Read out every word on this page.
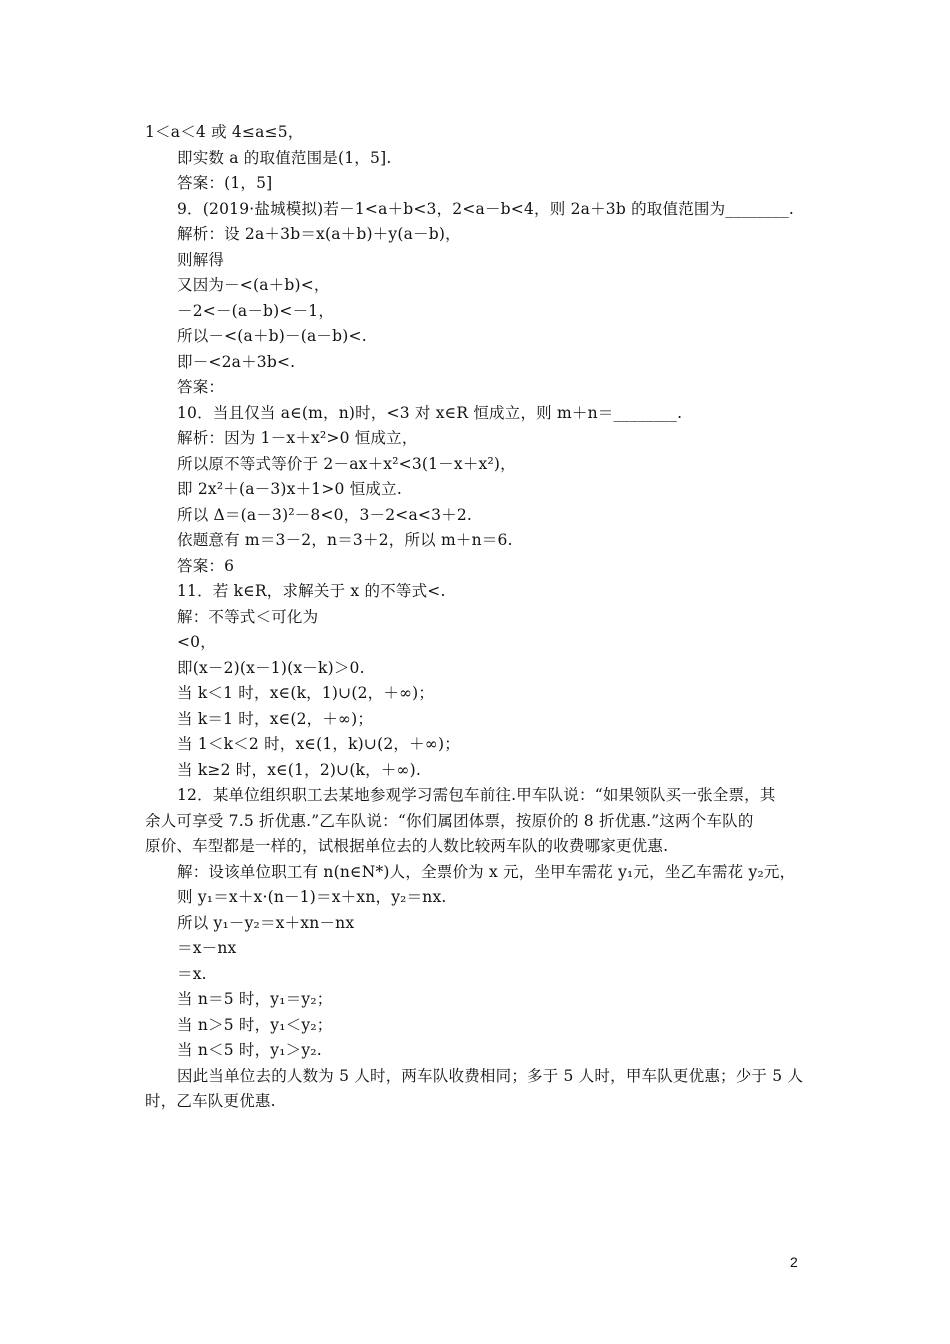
1＜a＜4 或 4≤a≤5，
即实数 a 的取值范围是(1，5].
答案：(1，5]
9．(2019·盐城模拟)若－1<a＋b<3，2<a－b<4，则 2a＋3b 的取值范围为________.
解析：设 2a＋3b＝x(a＋b)＋y(a－b)，
则解得
又因为－<(a＋b)<，
－2<－(a－b)<－1，
所以－<(a＋b)－(a－b)<.
即－<2a＋3b<.
答案：
10．当且仅当 a∈(m，n)时，<3 对 x∈R 恒成立，则 m＋n＝________.
解析：因为 1－x＋x²>0 恒成立，
所以原不等式等价于 2－ax＋x²<3(1－x＋x²)，
即 2x²＋(a－3)x＋1>0 恒成立.
所以 Δ＝(a－3)²－8<0，3－2<a<3＋2.
依题意有 m＝3－2，n＝3＋2，所以 m＋n＝6.
答案：6
11．若 k∈R，求解关于 x 的不等式<.
解：不等式＜可化为
<0，
即(x－2)(x－1)(x－k)＞0.
当 k＜1 时，x∈(k，1)∪(2，＋∞)；
当 k＝1 时，x∈(2，＋∞)；
当 1＜k＜2 时，x∈(1，k)∪(2，＋∞)；
当 k≥2 时，x∈(1，2)∪(k，＋∞).
12．某单位组织职工去某地参观学习需包车前往.甲车队说：“如果领队买一张全票，其
余人可享受 7.5 折优惠.”乙车队说：“你们属团体票，按原价的 8 折优惠.”这两个车队的
原价、车型都是一样的，试根据单位去的人数比较两车队的收费哪家更优惠.
解：设该单位职工有 n(n∈N*)人，全票价为 x 元，坐甲车需花 y₁元，坐乙车需花 y₂元，
则 y₁＝x＋x·(n－1)＝x＋xn，y₂＝nx.
所以 y₁－y₂＝x＋xn－nx
＝x－nx
＝x.
当 n＝5 时，y₁＝y₂；
当 n＞5 时，y₁＜y₂；
当 n＜5 时，y₁＞y₂.
因此当单位去的人数为 5 人时，两车队收费相同；多于 5 人时，甲车队更优惠；少于 5 人
时，乙车队更优惠.
2
